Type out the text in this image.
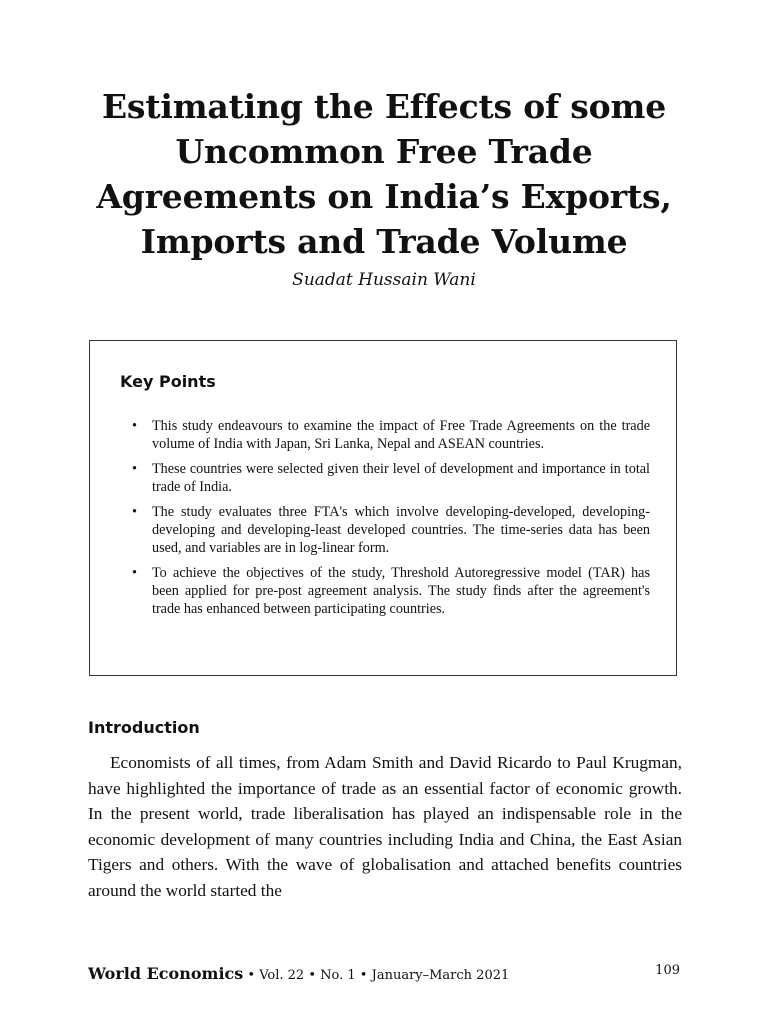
Estimating the Effects of some
Uncommon Free Trade
Agreements on India’s Exports,
Imports and Trade Volume
Suadat Hussain Wani
Key Points
• This study endeavours to examine the impact of Free Trade Agreements on the trade volume of India with Japan, Sri Lanka, Nepal and ASEAN countries.
• These countries were selected given their level of development and importance in total trade of India.
• The study evaluates three FTA's which involve developing-developed, developing-developing and developing-least developed countries. The time-series data has been used, and variables are in log-linear form.
• To achieve the objectives of the study, Threshold Autoregressive model (TAR) has been applied for pre-post agreement analysis. The study finds after the agreement's trade has enhanced between participating countries.
Introduction

Economists of all times, from Adam Smith and David Ricardo to Paul Krugman, have highlighted the importance of trade as an essential factor of economic growth. In the present world, trade liberalisation has played an indispensable role in the economic development of many countries including India and China, the East Asian Tigers and others. With the wave of globalisation and attached benefits countries around the world started the

World Economics • Vol. 22 • No. 1 • January–March 2021	109
